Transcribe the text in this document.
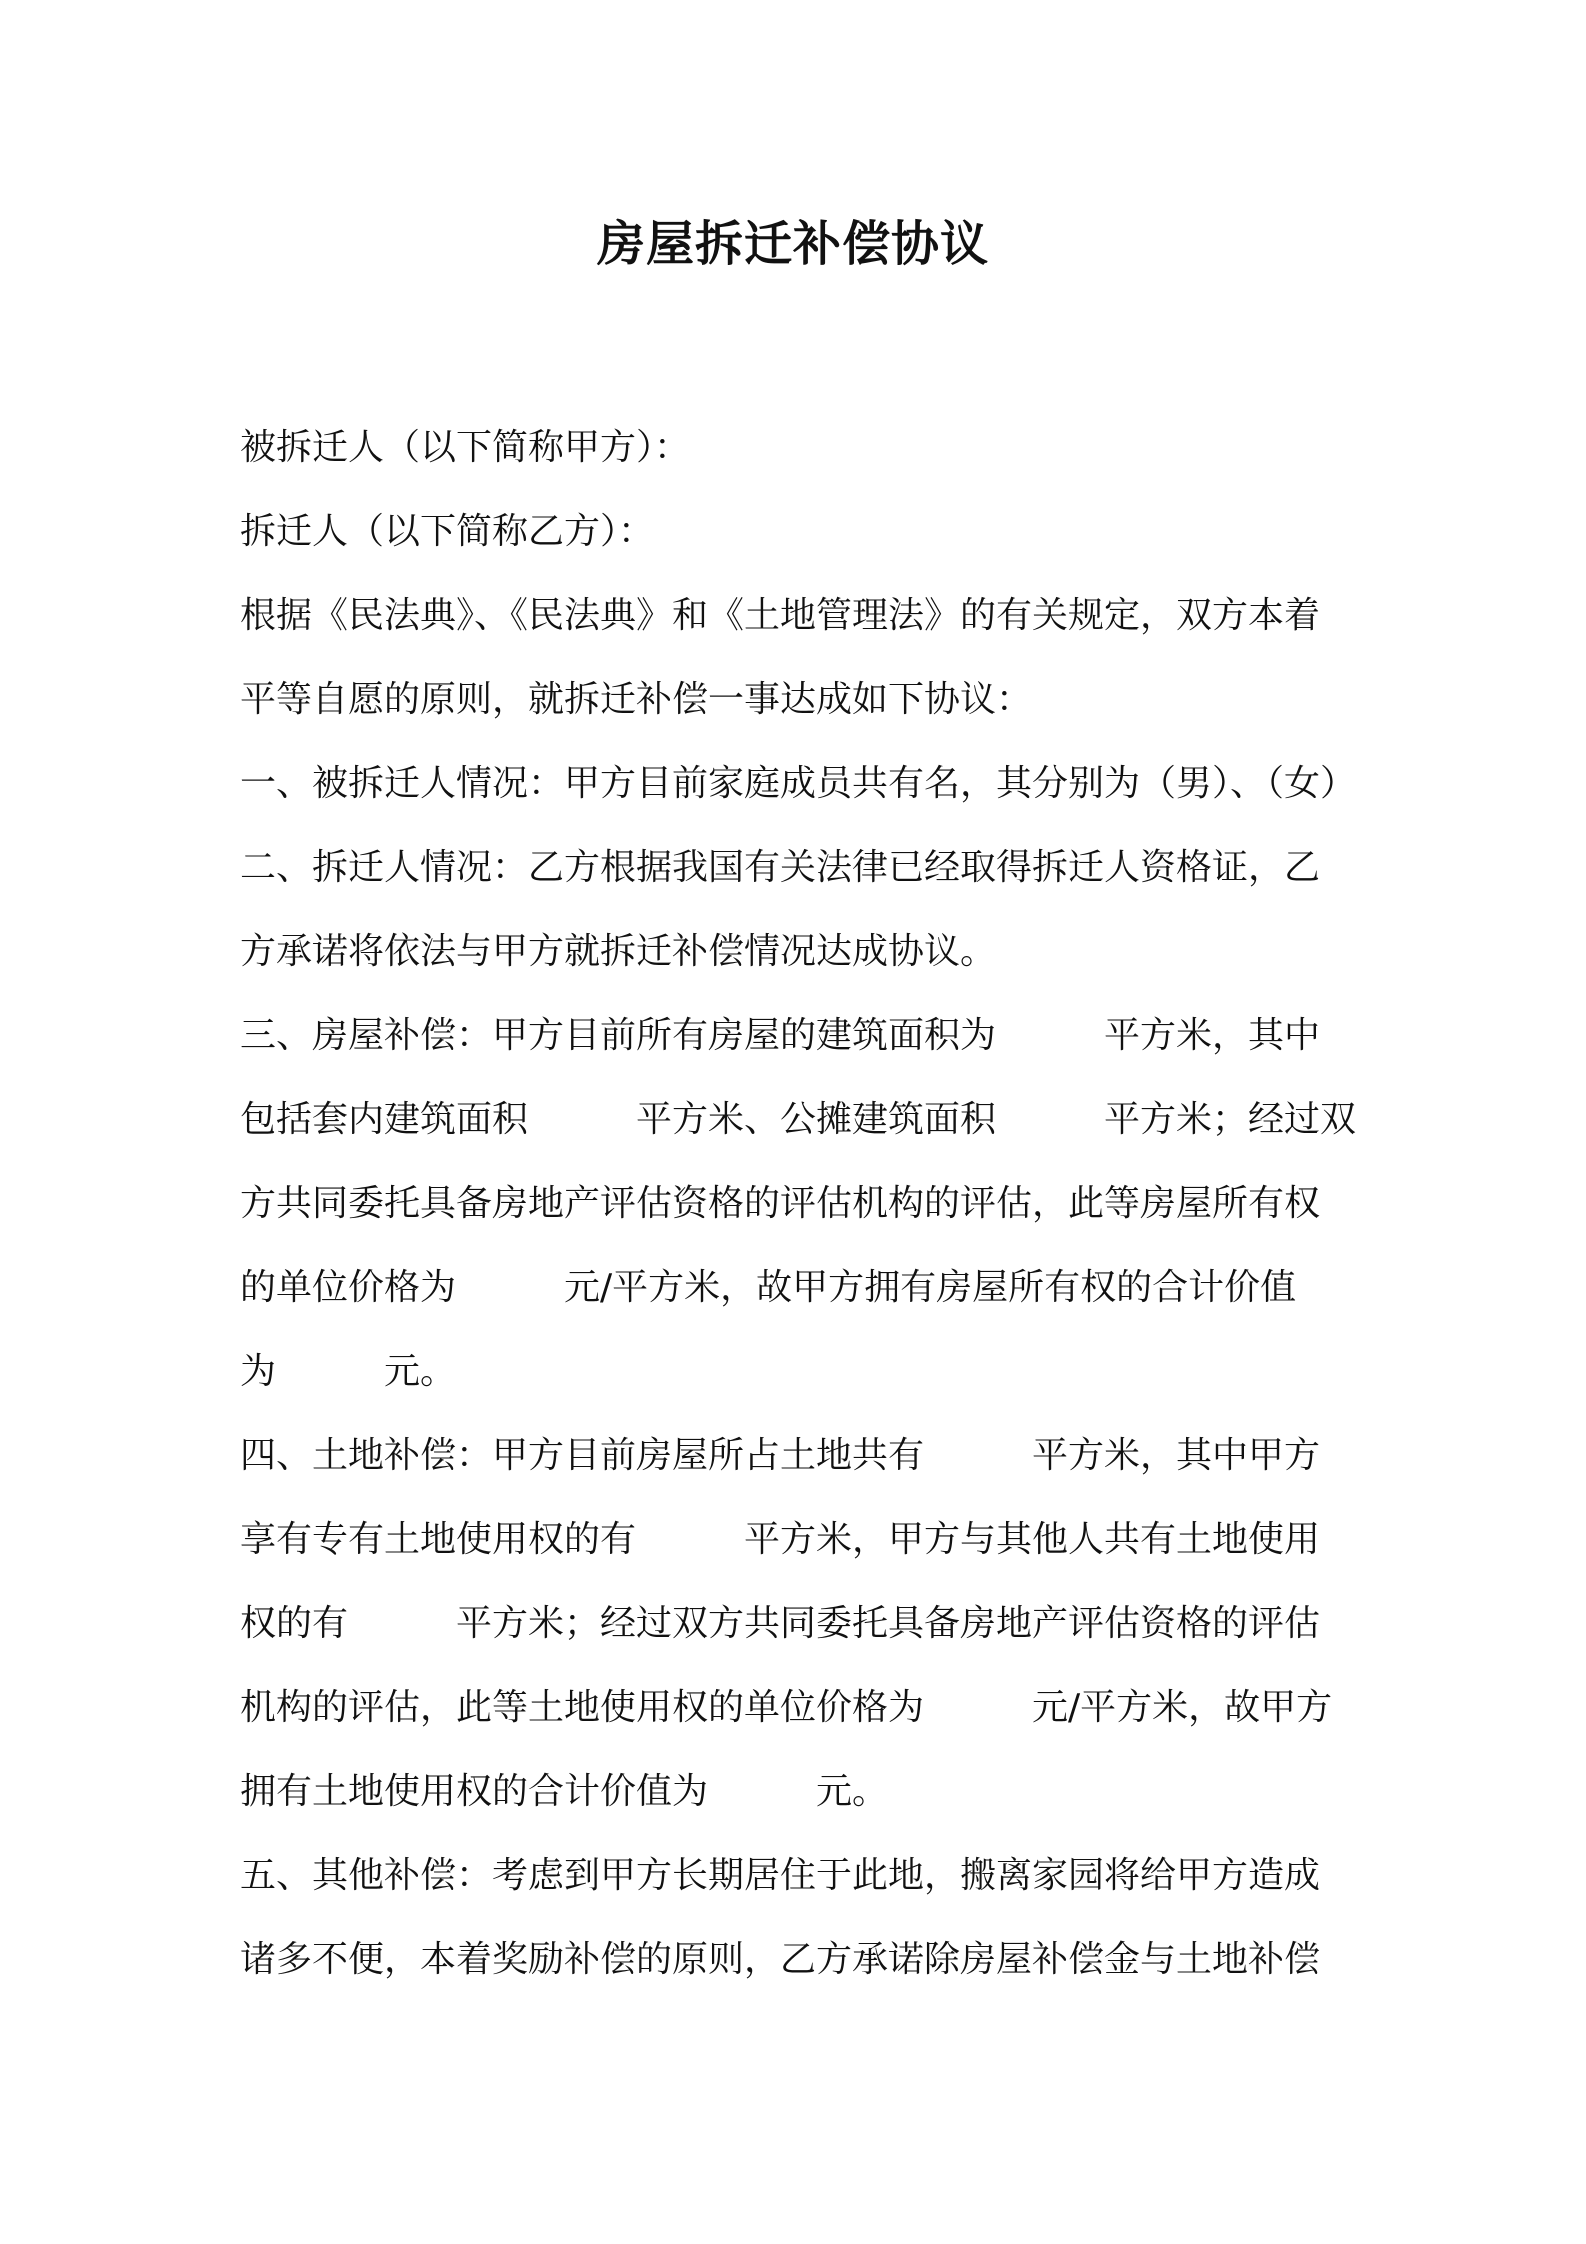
房屋拆迁补偿协议
被拆迁人（以下简称甲方）：
拆迁人（以下简称乙方）：
根据《民法典》、《民法典》和《土地管理法》的有关规定，双方本着
平等自愿的原则，就拆迁补偿一事达成如下协议：
一、被拆迁人情况：甲方目前家庭成员共有名，其分别为（男）、（女）
二、拆迁人情况：乙方根据我国有关法律已经取得拆迁人资格证，乙
方承诺将依法与甲方就拆迁补偿情况达成协议。
三、房屋补偿：甲方目前所有房屋的建筑面积为　　　平方米，其中
包括套内建筑面积　　　平方米、公摊建筑面积　　　平方米；经过双
方共同委托具备房地产评估资格的评估机构的评估，此等房屋所有权
的单位价格为　　　元/平方米，故甲方拥有房屋所有权的合计价值
为　　　元。
四、土地补偿：甲方目前房屋所占土地共有　　　平方米，其中甲方
享有专有土地使用权的有　　　平方米，甲方与其他人共有土地使用
权的有　　　平方米；经过双方共同委托具备房地产评估资格的评估
机构的评估，此等土地使用权的单位价格为　　　元/平方米，故甲方
拥有土地使用权的合计价值为　　　元。
五、其他补偿：考虑到甲方长期居住于此地，搬离家园将给甲方造成
诸多不便，本着奖励补偿的原则，乙方承诺除房屋补偿金与土地补偿
